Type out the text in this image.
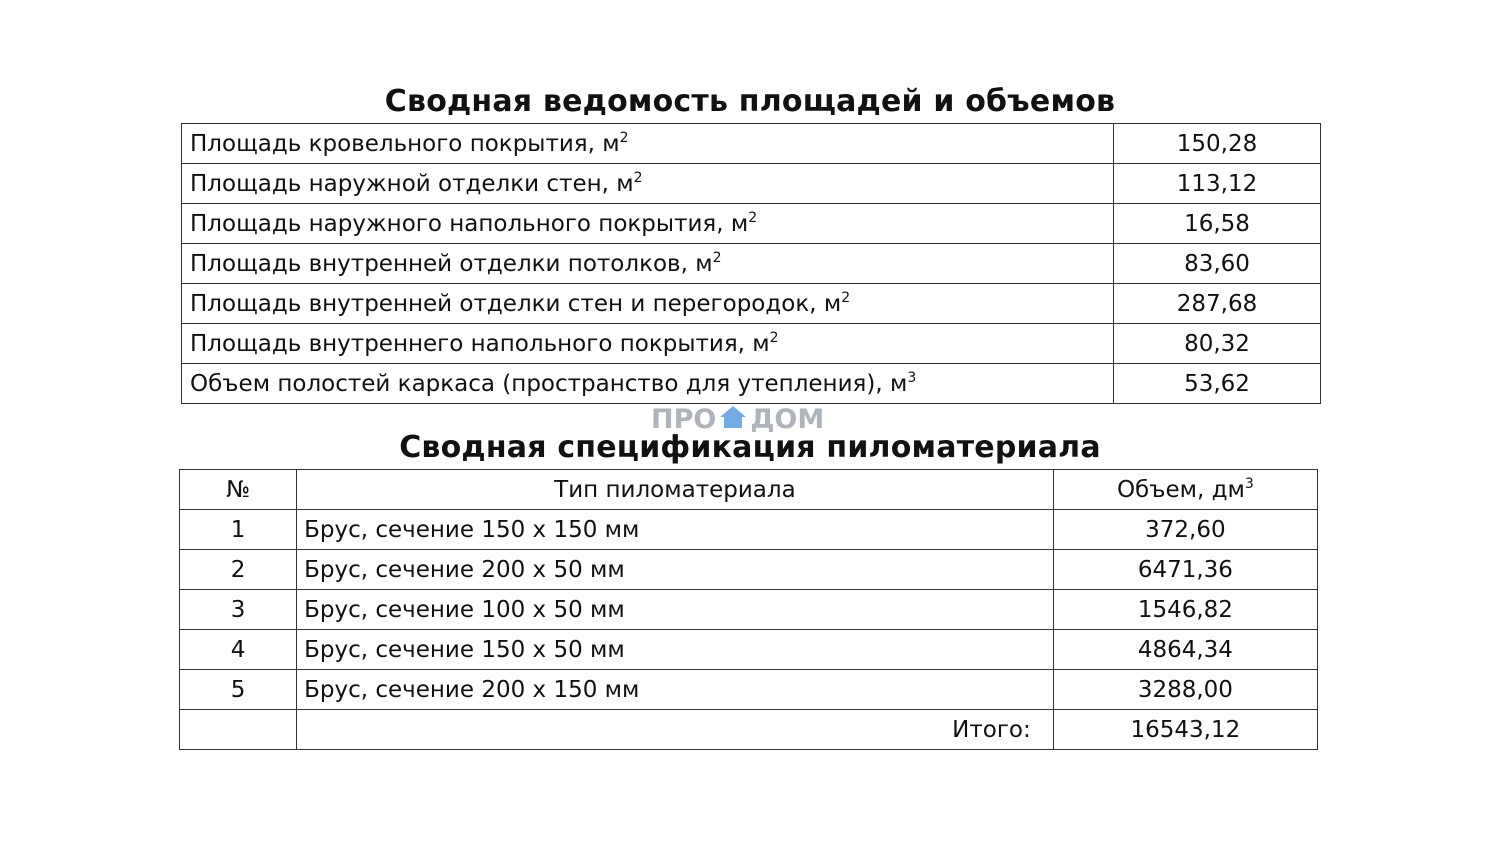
Сводная ведомость площадей и объемов
Площадь кровельного покрытия, $м^2$	150,28
Площадь наружной отделки стен, $м^2$	113,12
Площадь наружного напольного покрытия, $м^2$	16,58
Площадь внутренней отделки потолков, $м^2$	83,60
Площадь внутренней отделки стен и перегородок, $м^2$	287,68
Площадь внутреннего напольного покрытия, $м^2$	80,32
Объем полостей каркаса (пространство для утепления), $м^3$	53,62
ПРО ДОМ
Сводная спецификация пиломатериала
№	Тип пиломатериала	Объем, $дм^3$
1	Брус, сечение 150 х 150 мм	372,60
2	Брус, сечение 200 х 50 мм	6471,36
3	Брус, сечение 100 х 50 мм	1546,82
4	Брус, сечение 150 х 50 мм	4864,34
5	Брус, сечение 200 х 150 мм	3288,00
	Итого:	16543,12
